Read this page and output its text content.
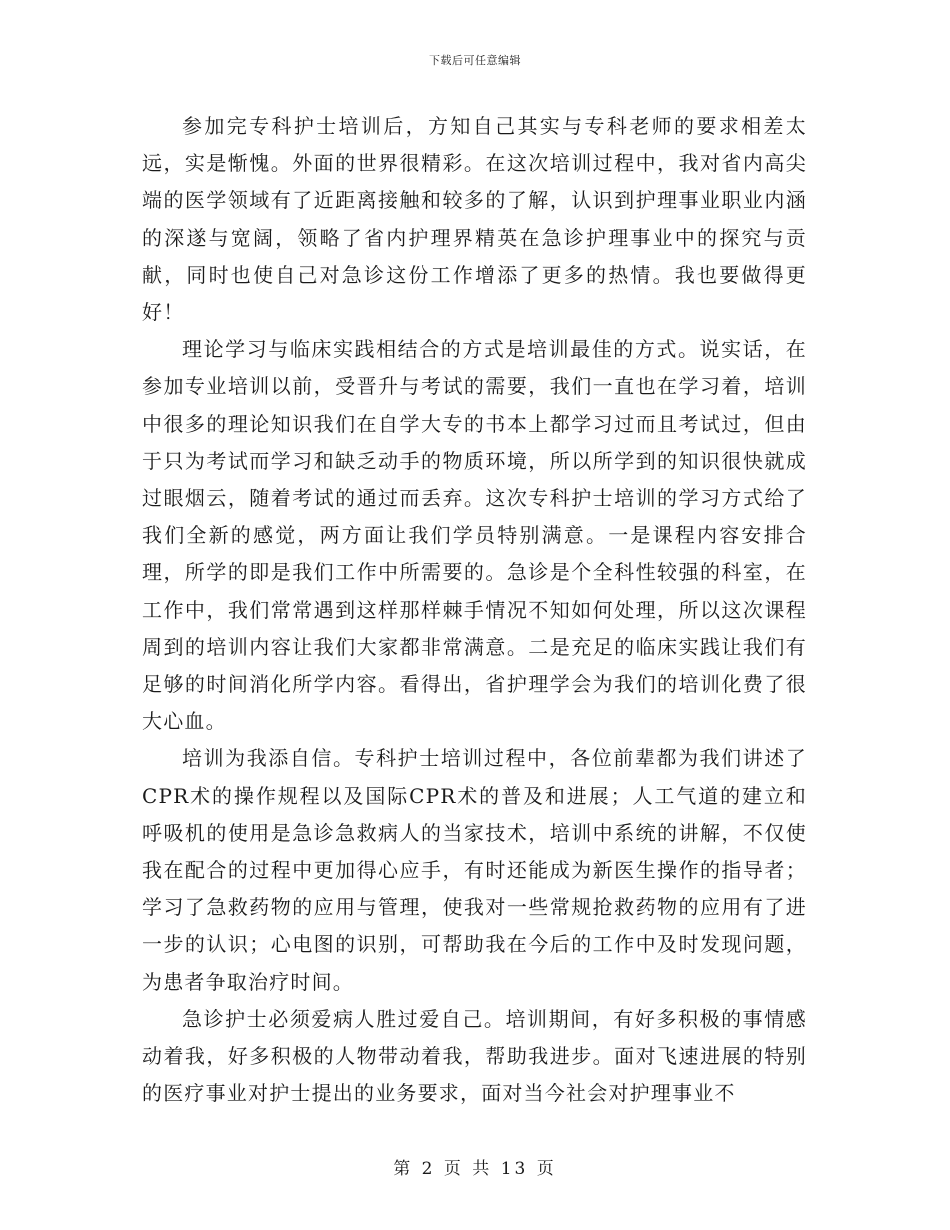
下载后可任意编辑

参加完专科护士培训后，方知自己其实与专科老师的要求相差太远，实是惭愧。外面的世界很精彩。在这次培训过程中，我对省内高尖端的医学领域有了近距离接触和较多的了解，认识到护理事业职业内涵的深遂与宽阔，领略了省内护理界精英在急诊护理事业中的探究与贡献，同时也使自己对急诊这份工作增添了更多的热情。我也要做得更好！

理论学习与临床实践相结合的方式是培训最佳的方式。说实话，在参加专业培训以前，受晋升与考试的需要，我们一直也在学习着，培训中很多的理论知识我们在自学大专的书本上都学习过而且考试过，但由于只为考试而学习和缺乏动手的物质环境，所以所学到的知识很快就成过眼烟云，随着考试的通过而丢弃。这次专科护士培训的学习方式给了我们全新的感觉，两方面让我们学员特别满意。一是课程内容安排合理，所学的即是我们工作中所需要的。急诊是个全科性较强的科室，在工作中，我们常常遇到这样那样棘手情况不知如何处理，所以这次课程周到的培训内容让我们大家都非常满意。二是充足的临床实践让我们有足够的时间消化所学内容。看得出，省护理学会为我们的培训化费了很大心血。

培训为我添自信。专科护士培训过程中，各位前辈都为我们讲述了CPR术的操作规程以及国际CPR术的普及和进展；人工气道的建立和呼吸机的使用是急诊急救病人的当家技术，培训中系统的讲解，不仅使我在配合的过程中更加得心应手，有时还能成为新医生操作的指导者；学习了急救药物的应用与管理，使我对一些常规抢救药物的应用有了进一步的认识；心电图的识别，可帮助我在今后的工作中及时发现问题，为患者争取治疗时间。

急诊护士必须爱病人胜过爱自己。培训期间，有好多积极的事情感动着我，好多积极的人物带动着我，帮助我进步。面对飞速进展的特别的医疗事业对护士提出的业务要求，面对当今社会对护理事业不

第 2 页 共 13 页
